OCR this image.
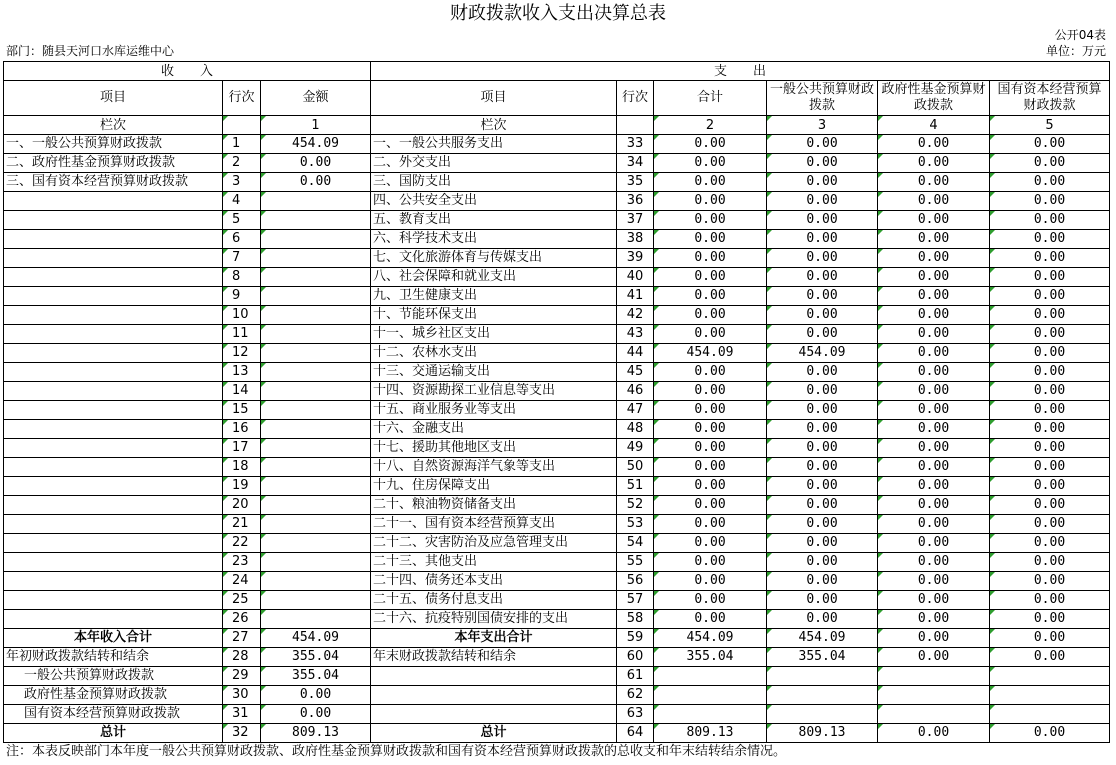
财政拨款收入支出决算总表
公开04表
部门：随县天河口水库运维中心	单位：万元
收　　入			支　　出					
项目	行次	金额	项目	行次	合计	一般公共预算财政拨款	政府性基金预算财政拨款	国有资本经营预算财政拨款
栏次		1	栏次		2	3	4	5
一、一般公共预算财政拨款	1	454.09	一、一般公共服务支出	33	0.00	0.00	0.00	0.00
二、政府性基金预算财政拨款	2	0.00	二、外交支出	34	0.00	0.00	0.00	0.00
三、国有资本经营预算财政拨款	3	0.00	三、国防支出	35	0.00	0.00	0.00	0.00
	4		四、公共安全支出	36	0.00	0.00	0.00	0.00
	5		五、教育支出	37	0.00	0.00	0.00	0.00
	6		六、科学技术支出	38	0.00	0.00	0.00	0.00
	7		七、文化旅游体育与传媒支出	39	0.00	0.00	0.00	0.00
	8		八、社会保障和就业支出	40	0.00	0.00	0.00	0.00
	9		九、卫生健康支出	41	0.00	0.00	0.00	0.00
	10		十、节能环保支出	42	0.00	0.00	0.00	0.00
	11		十一、城乡社区支出	43	0.00	0.00	0.00	0.00
	12		十二、农林水支出	44	454.09	454.09	0.00	0.00
	13		十三、交通运输支出	45	0.00	0.00	0.00	0.00
	14		十四、资源勘探工业信息等支出	46	0.00	0.00	0.00	0.00
	15		十五、商业服务业等支出	47	0.00	0.00	0.00	0.00
	16		十六、金融支出	48	0.00	0.00	0.00	0.00
	17		十七、援助其他地区支出	49	0.00	0.00	0.00	0.00
	18		十八、自然资源海洋气象等支出	50	0.00	0.00	0.00	0.00
	19		十九、住房保障支出	51	0.00	0.00	0.00	0.00
	20		二十、粮油物资储备支出	52	0.00	0.00	0.00	0.00
	21		二十一、国有资本经营预算支出	53	0.00	0.00	0.00	0.00
	22		二十二、灾害防治及应急管理支出	54	0.00	0.00	0.00	0.00
	23		二十三、其他支出	55	0.00	0.00	0.00	0.00
	24		二十四、债务还本支出	56	0.00	0.00	0.00	0.00
	25		二十五、债务付息支出	57	0.00	0.00	0.00	0.00
	26		二十六、抗疫特别国债安排的支出	58	0.00	0.00	0.00	0.00
本年收入合计	27	454.09	本年支出合计	59	454.09	454.09	0.00	0.00
年初财政拨款结转和结余	28	355.04	年末财政拨款结转和结余	60	355.04	355.04	0.00	0.00
一般公共预算财政拨款	29	355.04		61				
政府性基金预算财政拨款	30	0.00		62				
国有资本经营预算财政拨款	31	0.00		63				
总计	32	809.13	总计	64	809.13	809.13	0.00	0.00
注：本表反映部门本年度一般公共预算财政拨款、政府性基金预算财政拨款和国有资本经营预算财政拨款的总收支和年末结转结余情况。
